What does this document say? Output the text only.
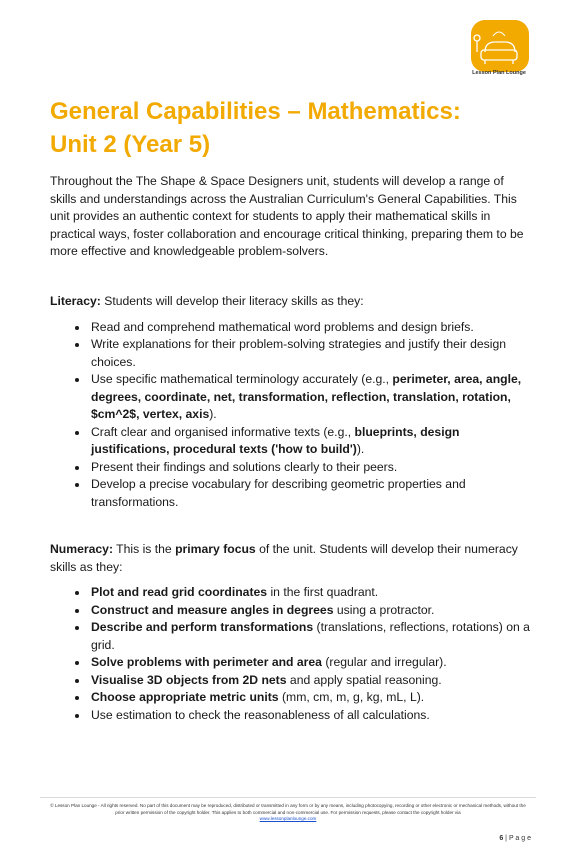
Lesson Plan Lounge
General Capabilities – Mathematics:
Unit 2 (Year 5)

Throughout the The Shape & Space Designers unit, students will develop a range of skills and understandings across the Australian Curriculum's General Capabilities. This unit provides an authentic context for students to apply their mathematical skills in practical ways, foster collaboration and encourage critical thinking, preparing them to be more effective and knowledgeable problem-solvers.

Literacy: Students will develop their literacy skills as they:

• Read and comprehend mathematical word problems and design briefs.
• Write explanations for their problem-solving strategies and justify their design choices.
• Use specific mathematical terminology accurately (e.g., perimeter, area, angle, degrees, coordinate, net, transformation, reflection, translation, rotation, $cm^2$, vertex, axis).
• Craft clear and organised informative texts (e.g., blueprints, design justifications, procedural texts ('how to build')).
• Present their findings and solutions clearly to their peers.
• Develop a precise vocabulary for describing geometric properties and transformations.

Numeracy: This is the primary focus of the unit. Students will develop their numeracy skills as they:

• Plot and read grid coordinates in the first quadrant.
• Construct and measure angles in degrees using a protractor.
• Describe and perform transformations (translations, reflections, rotations) on a grid.
• Solve problems with perimeter and area (regular and irregular).
• Visualise 3D objects from 2D nets and apply spatial reasoning.
• Choose appropriate metric units (mm, cm, m, g, kg, mL, L).
• Use estimation to check the reasonableness of all calculations.
© Lesson Plan Lounge - All rights reserved. No part of this document may be reproduced, distributed or transmitted in any form or by any means, including photocopying, recording or other electronic or mechanical methods, without the prior written permission of the copyright holder. This applies to both commercial and non-commercial use. For permission requests, please contact the copyright holder via
www.lessonplanlounge.com
6 | P a g e
